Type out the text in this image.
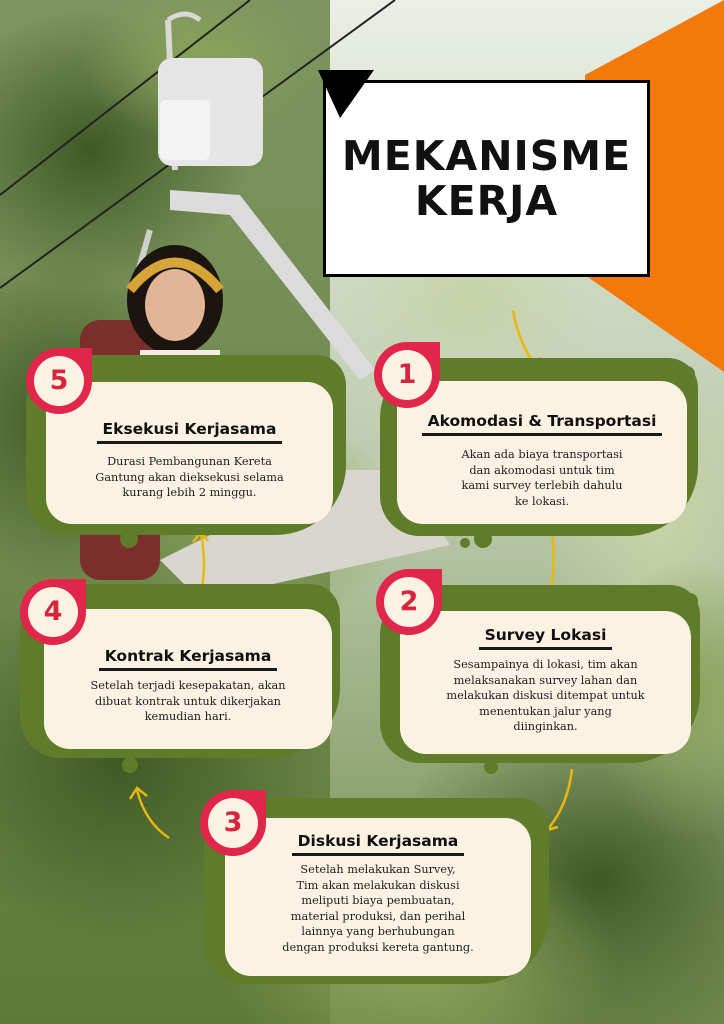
MEKANISME
KERJA
Akomodasi & Transportasi
Akan ada biaya transportasi
dan akomodasi untuk tim
kami survey terlebih dahulu
ke lokasi.
1
Survey Lokasi
Sesampainya di lokasi, tim akan
melaksanakan survey lahan dan
melakukan diskusi ditempat untuk
menentukan jalur yang
diinginkan.
2
Diskusi Kerjasama
Setelah melakukan Survey,
Tim akan melakukan diskusi
meliputi biaya pembuatan,
material produksi, dan perihal
lainnya yang berhubungan
dengan produksi kereta gantung.
3
Kontrak Kerjasama
Setelah terjadi kesepakatan, akan
dibuat kontrak untuk dikerjakan
kemudian hari.
4
Eksekusi Kerjasama
Durasi Pembangunan Kereta
Gantung akan dieksekusi selama
kurang lebih 2 minggu.
5
